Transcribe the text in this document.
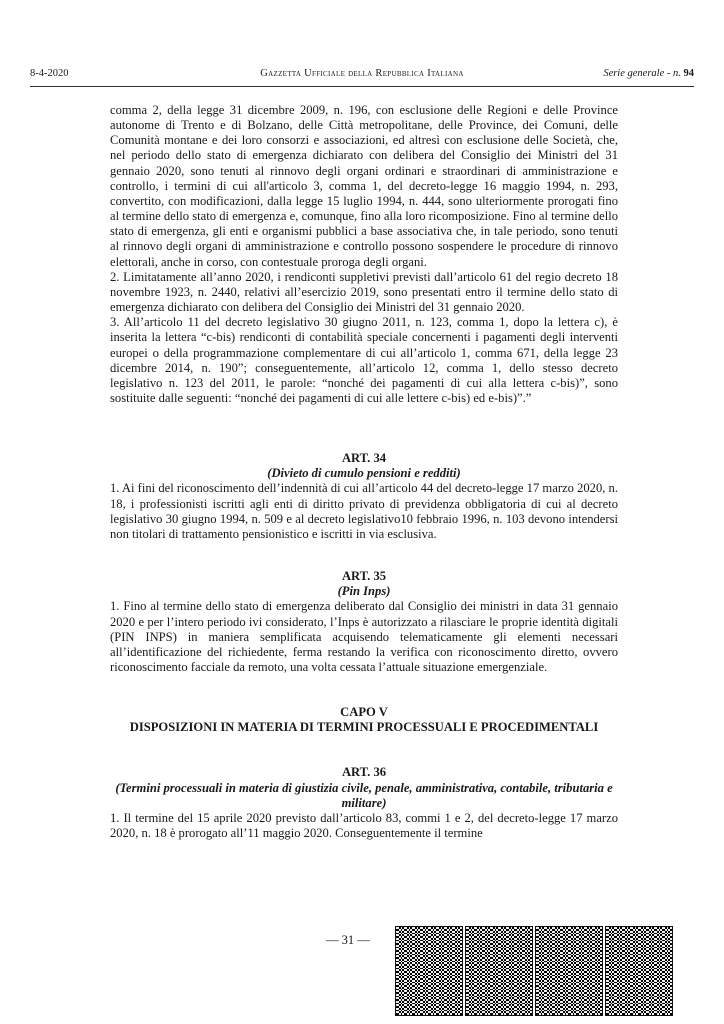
8-4-2020	Gazzetta Ufficiale della Repubblica Italiana	Serie generale - n. 94

comma 2, della legge 31 dicembre 2009, n. 196, con esclusione delle Regioni e delle Province autonome di Trento e di Bolzano, delle Città metropolitane, delle Province, dei Comuni, delle Comunità montane e dei loro consorzi e associazioni, ed altresì con esclusione delle Società, che, nel periodo dello stato di emergenza dichiarato con delibera del Consiglio dei Ministri del 31 gennaio 2020, sono tenuti al rinnovo degli organi ordinari e straordinari di amministrazione e controllo, i termini di cui all'articolo 3, comma 1, del decreto-legge 16 maggio 1994, n. 293, convertito, con modificazioni, dalla legge 15 luglio 1994, n. 444, sono ulteriormente prorogati fino al termine dello stato di emergenza e, comunque, fino alla loro ricomposizione. Fino al termine dello stato di emergenza, gli enti e organismi pubblici a base associativa che, in tale periodo, sono tenuti al rinnovo degli organi di amministrazione e controllo possono sospendere le procedure di rinnovo elettorali, anche in corso, con contestuale proroga degli organi.

2. Limitatamente all’anno 2020, i rendiconti suppletivi previsti dall’articolo 61 del regio decreto 18 novembre 1923, n. 2440, relativi all’esercizio 2019, sono presentati entro il termine dello stato di emergenza dichiarato con delibera del Consiglio dei Ministri del 31 gennaio 2020.

3. All’articolo 11 del decreto legislativo 30 giugno 2011, n. 123, comma 1, dopo la lettera c), è inserita la lettera “c-bis) rendiconti di contabilità speciale concernenti i pagamenti degli interventi europei o della programmazione complementare di cui all’articolo 1, comma 671, della legge 23 dicembre 2014, n. 190”; conseguentemente, all’articolo 12, comma 1, dello stesso decreto legislativo n. 123 del 2011, le parole: “nonché dei pagamenti di cui alla lettera c-bis)”, sono sostituite dalle seguenti: “nonché dei pagamenti di cui alle lettere c-bis) ed e-bis)”.”

ART. 34

(Divieto di cumulo pensioni e redditi)

1. Ai fini del riconoscimento dell’indennità di cui all’articolo 44 del decreto-legge 17 marzo 2020, n. 18, i professionisti iscritti agli enti di diritto privato di previdenza obbligatoria di cui al decreto legislativo 30 giugno 1994, n. 509 e al decreto legislativo10 febbraio 1996, n. 103 devono intendersi non titolari di trattamento pensionistico e iscritti in via esclusiva.

ART. 35

(Pin Inps)

1. Fino al termine dello stato di emergenza deliberato dal Consiglio dei ministri in data 31 gennaio 2020 e per l’intero periodo ivi considerato, l’Inps è autorizzato a rilasciare le proprie identità digitali (PIN INPS) in maniera semplificata acquisendo telematicamente gli elementi necessari all’identificazione del richiedente, ferma restando la verifica con riconoscimento diretto, ovvero riconoscimento facciale da remoto, una volta cessata l’attuale situazione emergenziale.

CAPO V

DISPOSIZIONI IN MATERIA DI TERMINI PROCESSUALI E PROCEDIMENTALI

ART. 36

(Termini processuali in materia di giustizia civile, penale, amministrativa, contabile, tributaria e militare)

1. Il termine del 15 aprile 2020 previsto dall’articolo 83, commi 1 e 2, del decreto-legge 17 marzo 2020, n. 18 è prorogato all’11 maggio 2020. Conseguentemente il termine

— 31 —
